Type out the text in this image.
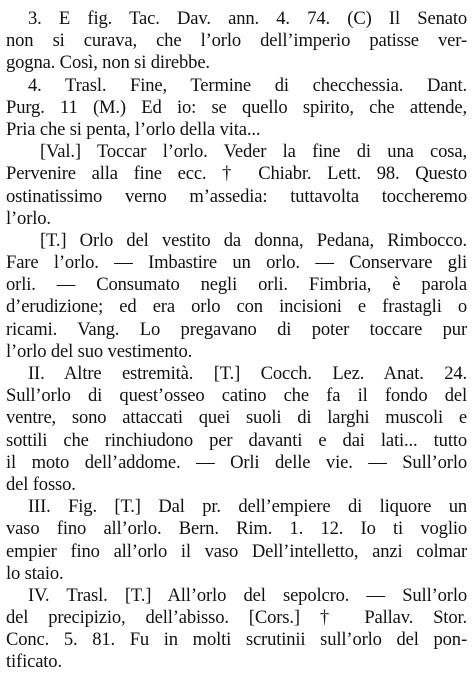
3. E fig. Tac. Dav. ann. 4. 74. (C) Il Senato
non si curava, che l’orlo dell’imperio patisse ver-
gogna. Così, non si direbbe.
4. Trasl. Fine, Termine di checchessia. Dant.
Purg. 11 (M.) Ed io: se quello spirito, che attende,
Pria che si penta, l’orlo della vita...
[Val.] Toccar l’orlo. Veder la fine di una cosa,
Pervenire alla fine ecc. † Chiabr. Lett. 98. Questo
ostinatissimo verno m’assedia: tuttavolta toccheremo
l’orlo.
[T.] Orlo del vestito da donna, Pedana, Rimbocco.
Fare l’orlo. — Imbastire un orlo. — Conservare gli
orli. — Consumato negli orli. Fimbria, è parola
d’erudizione; ed era orlo con incisioni e frastagli o
ricami. Vang. Lo pregavano di poter toccare pur
l’orlo del suo vestimento.
II. Altre estremità. [T.] Cocch. Lez. Anat. 24.
Sull’orlo di quest’osseo catino che fa il fondo del
ventre, sono attaccati quei suoli di larghi muscoli e
sottili che rinchiudono per davanti e dai lati... tutto
il moto dell’addome. — Orli delle vie. — Sull’orlo
del fosso.
III. Fig. [T.] Dal pr. dell’empiere di liquore un
vaso fino all’orlo. Bern. Rim. 1. 12. Io ti voglio
empier fino all’orlo il vaso Dell’intelletto, anzi colmar
lo staio.
IV. Trasl. [T.] All’orlo del sepolcro. — Sull’orlo
del precipizio, dell’abisso. [Cors.] † Pallav. Stor.
Conc. 5. 81. Fu in molti scrutinii sull’orlo del pon-
tificato.
